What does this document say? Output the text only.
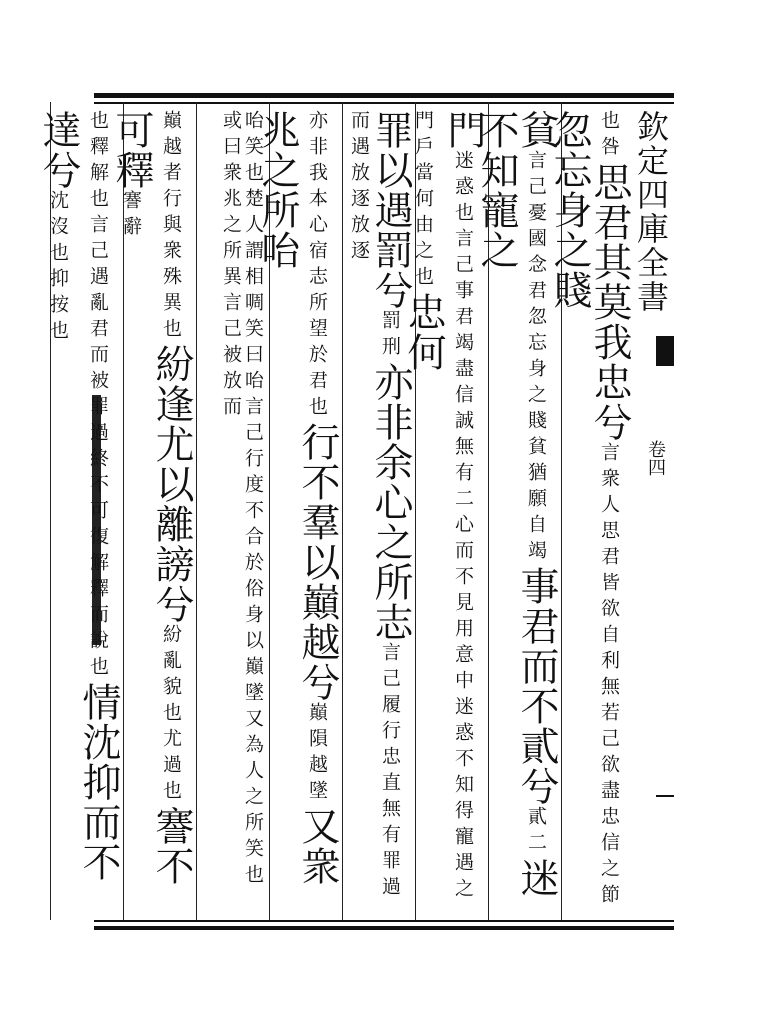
欽定四庫全書
卷四
也咎思君其莫我忠兮言衆人思君皆欲自利無若己欲盡忠信之節忽忘身之賤
貧言己憂國念君忽忘身之賤貧猶願自竭事君而不貳兮貳二迷不知寵之
門迷惑也言己事君竭盡信誠無有二心而不見用意中迷惑不知得寵遇之門戶當何由之也忠何
罪以遇罰兮罰刑亦非余心之所志言己履行忠直無有罪過而遇放逐放逐
亦非我本心宿志所望於君也行不羣以巔越兮巔隕越墜又衆兆之所咍
咍笑也楚人謂相啁笑曰咍言己行度不合於俗身以巔墜又為人之所笑也或曰衆兆之所異言己被放而
巔越者行與衆殊異也紛逢尤以離謗兮紛亂貌也尤過也謇不可釋謇辭
也釋解也言己遇亂君而被罪過終不可復解釋而說也情沈抑而不達兮沈沒也抑按也
